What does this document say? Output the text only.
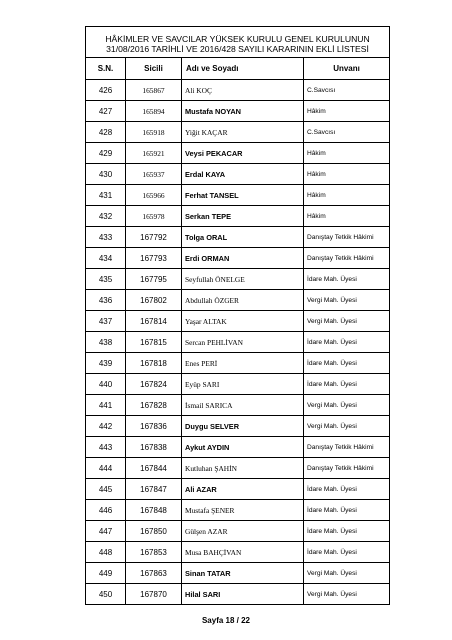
HÂKİMLER VE SAVCILAR YÜKSEK KURULU GENEL KURULUNUN
31/08/2016 TARİHLİ VE 2016/428 SAYILI KARARININ EKLİ LİSTESİ			

S.N.	Sicili	Adı ve Soyadı	Unvanı
426	165867	Ali KOÇ	C.Savcısı
427	165894	Mustafa NOYAN	Hâkim
428	165918	Yiğit KAÇAR	C.Savcısı
429	165921	Veysi PEKACAR	Hâkim
430	165937	Erdal KAYA	Hâkim
431	165966	Ferhat TANSEL	Hâkim
432	165978	Serkan TEPE	Hâkim
433	167792	Tolga ORAL	Danıştay Tetkik Hâkimi
434	167793	Erdi ORMAN	Danıştay Tetkik Hâkimi
435	167795	Seyfullah ÖNELGE	İdare Mah. Üyesi
436	167802	Abdullah ÖZGER	Vergi Mah. Üyesi
437	167814	Yaşar ALTAK	Vergi Mah. Üyesi
438	167815	Sercan PEHLİVAN	İdare Mah. Üyesi
439	167818	Enes PERİ	İdare Mah. Üyesi
440	167824	Eyüp SARI	İdare Mah. Üyesi
441	167828	İsmail SARICA	Vergi Mah. Üyesi
442	167836	Duygu SELVER	Vergi Mah. Üyesi
443	167838	Aykut AYDIN	Danıştay Tetkik Hâkimi
444	167844	Kutluhan ŞAHİN	Danıştay Tetkik Hâkimi
445	167847	Ali AZAR	İdare Mah. Üyesi
446	167848	Mustafa ŞENER	İdare Mah. Üyesi
447	167850	Gülşen AZAR	İdare Mah. Üyesi
448	167853	Musa BAHÇİVAN	İdare Mah. Üyesi
449	167863	Sinan TATAR	Vergi Mah. Üyesi
450	167870	Hilal SARI	Vergi Mah. Üyesi
Sayfa 18 / 22
